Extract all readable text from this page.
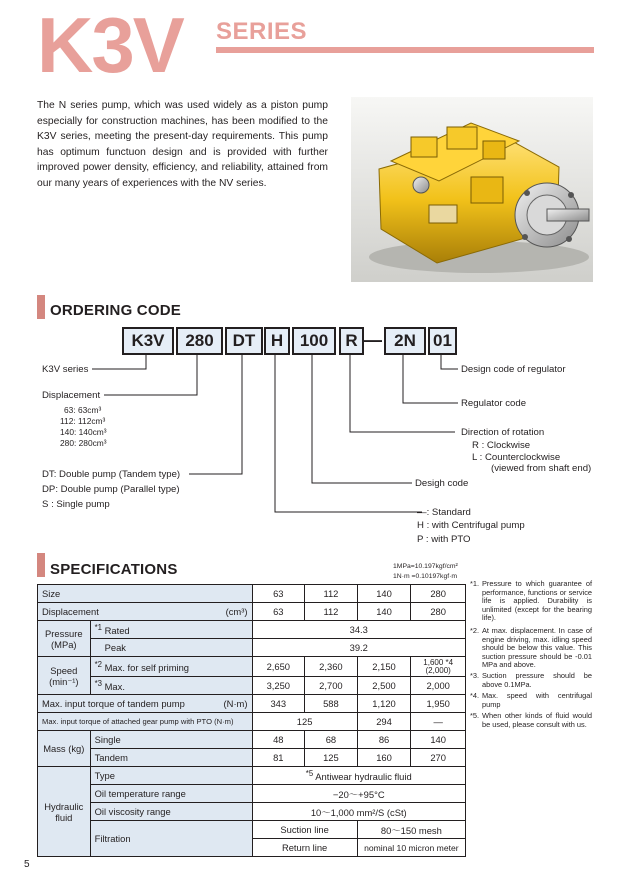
K3V SERIES
The N series pump, which was used widely as a piston pump especially for construction machines, has been modified to the K3V series, meeting the present-day requirements. This pump has optimum functuon design and is provided with further improved power density, efficiency, and reliability, attained from our many years of experiences with the NV series.
ORDERING CODE
K3V	280	DT H 100	R — 2N	01
K3V series
Displacement
63: 63cm³
112: 112cm³
140: 140cm³
280: 280cm³
DT: Double pump (Tandem type)
DP: Double pump (Parallel type)
S : Single pump
Design code of regulator
Regulator code
Direction of rotation
R : Clockwise
L : Counterclockwise
(viewed from shaft end)
Desigh code
—: Standard
H : with Centrifugal pump
P : with PTO
SPECIFICATIONS	1MPa=10.197kgf/cm²
1N·m =0.10197kgf·m
Size		63	112	140	280
Displacement (cm³)		63	112	140	280
Pressure (MPa)	$^{*1}$ Rated	34.3			
	Peak	39.2			
Speed (min⁻¹)	$^{*2}$ Max. for self priming	2,650	2,360	2,150	1,600 *4 (2,000)
	$^{*3}$ Max.	3,250	2,700	2,500	2,000
Max. input torque of tandem pump (N·m)		343	588	1,120	1,950
Max. input torque of attached gear pump with PTO (N·m)		125		294	—
Mass (kg)	Single	48	68	86	140
	Tandem	81	125	160	270
Hydraulic fluid	Type	$^{*5}$ Antiwear hydraulic fluid			
	Oil temperature range	−20～+95°C			
	Oil viscosity range	10～1,000 mm²/S (cSt)			
	Filtration	Suction line		80～150 mesh	
		Return line		nominal 10 micron meter	
*1. Pressure to which guarantee of performance, functions or service life is applied. Durability is unlimited (except for the bearing life).
*2. At max. displacement. In case of engine driving, max. idling speed should be below this value. This suction pressure should be -0.01 MPa and above.
*3. Suction pressure should be above 0.1MPa.
*4. Max. speed with centrifugal pump
*5. When other kinds of fluid would be used, please consult with us.
5
